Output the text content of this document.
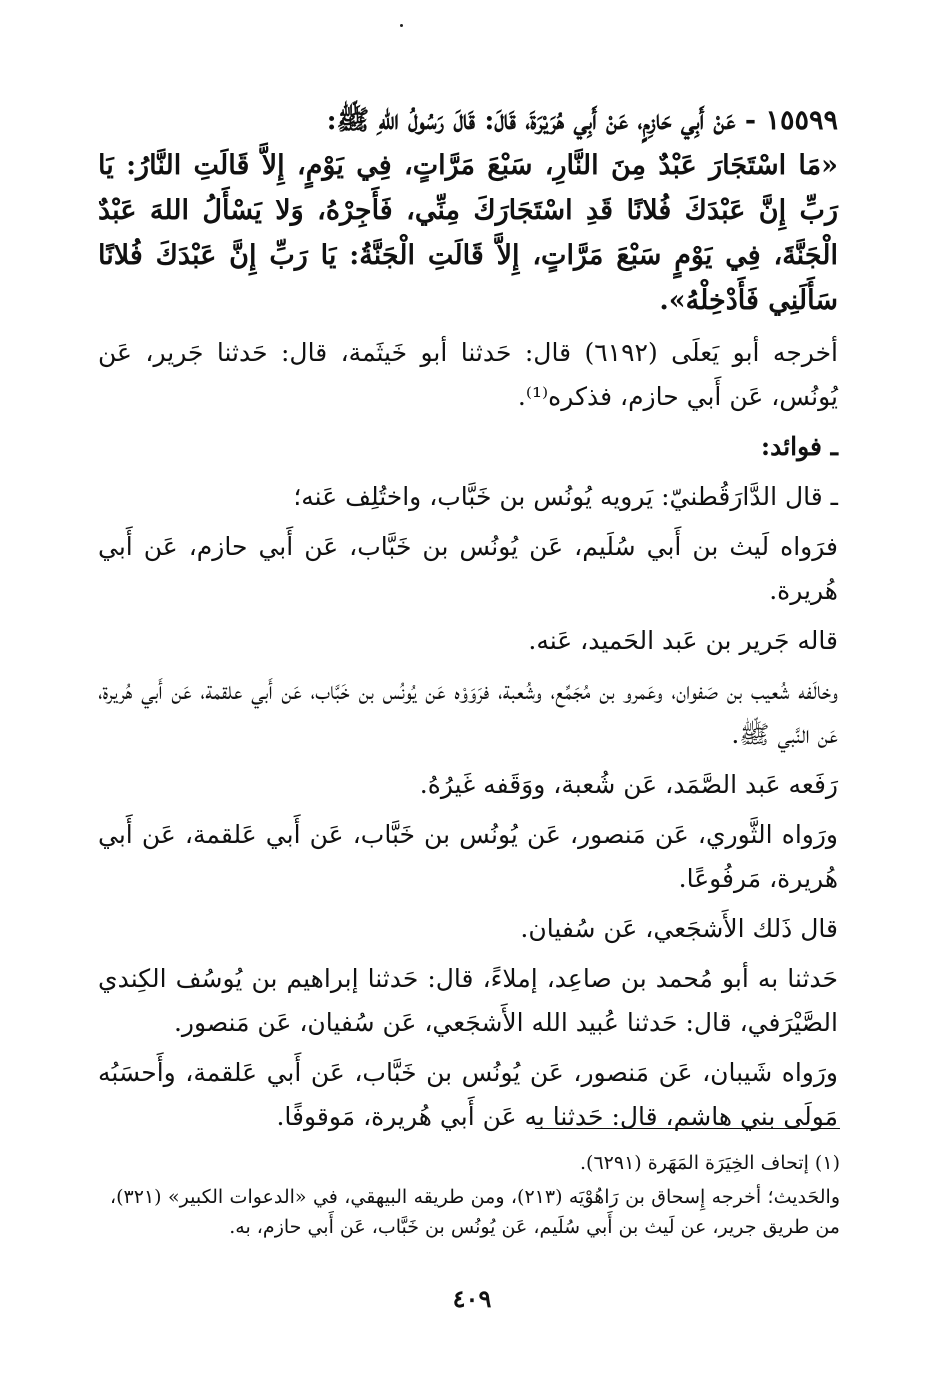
١٥٥٩٩ - عَنْ أَبِي حَازِمٍ، عَنْ أَبِي هُرَيْرَةَ، قَالَ: قَالَ رَسُولُ اللهِ ﷺ:
«مَا اسْتَجَارَ عَبْدٌ مِنَ النَّارِ، سَبْعَ مَرَّاتٍ، فِي يَوْمٍ، إِلاَّ قَالَتِ النَّارُ: يَا رَبِّ إِنَّ عَبْدَكَ فُلانًا قَدِ اسْتَجَارَكَ مِنِّي، فَأَجِرْهُ، وَلا يَسْأَلُ اللهَ عَبْدٌ الْجَنَّةَ، فِي يَوْمٍ سَبْعَ مَرَّاتٍ، إِلاَّ قَالَتِ الْجَنَّةُ: يَا رَبِّ إِنَّ عَبْدَكَ فُلانًا سَأَلَنِي فَأَدْخِلْهُ».

أخرجه أبو يَعلَى (٦١٩٢) قال: حَدثنا أبو خَيثَمة، قال: حَدثنا جَرير، عَن يُونُس، عَن أَبي حازم، فذكره⁽¹⁾.

ـ فوائد:

ـ قال الدَّارَقُطنيّ: يَرويه يُونُس بن خَبَّاب، واختُلِف عَنه؛

فرَواه لَيث بن أَبي سُلَيم، عَن يُونُس بن خَبَّاب، عَن أَبي حازم، عَن أَبي هُريرة.

قاله جَرير بن عَبد الحَميد، عَنه.

وخالَفه شُعيب بن صَفوان، وعَمرو بن مُجَمِّع، وشُعبة، فرَوَوْه عَن يُونُس بن خَبَّاب، عَن أَبي علقمة، عَن أَبي هُريرة، عَن النَّبي ﷺ.

رَفَعه عَبد الصَّمَد، عَن شُعبة، ووَقَفه غَيرُهُ.

ورَواه الثَّوري، عَن مَنصور، عَن يُونُس بن خَبَّاب، عَن أَبي عَلقمة، عَن أَبي هُريرة، مَرفُوعًا.

قال ذَلك الأَشجَعي، عَن سُفيان.

حَدثنا به أبو مُحمد بن صاعِد، إملاءً، قال: حَدثنا إبراهيم بن يُوسُف الكِندي الصَّيْرَفي، قال: حَدثنا عُبيد الله الأَشجَعي، عَن سُفيان، عَن مَنصور.

ورَواه شَيبان، عَن مَنصور، عَن يُونُس بن خَبَّاب، عَن أَبي عَلقمة، وأَحسَبُه مَولَى بني هاشم، قال: حَدثنا به عَن أَبي هُريرة، مَوقوفًا.

(١) إتحاف الخِيَرَة المَهَرة (٦٢٩١).

والحَديث؛ أخرجه إِسحاق بن رَاهُوْيَه (٢١٣)، ومن طريقه البيهقي، في «الدعوات الكبير» (٣٢١)، من طريق جرير، عن لَيث بن أَبي سُلَيم، عَن يُونُس بن خَبَّاب، عَن أَبي حازم، به.

٤٠٩
